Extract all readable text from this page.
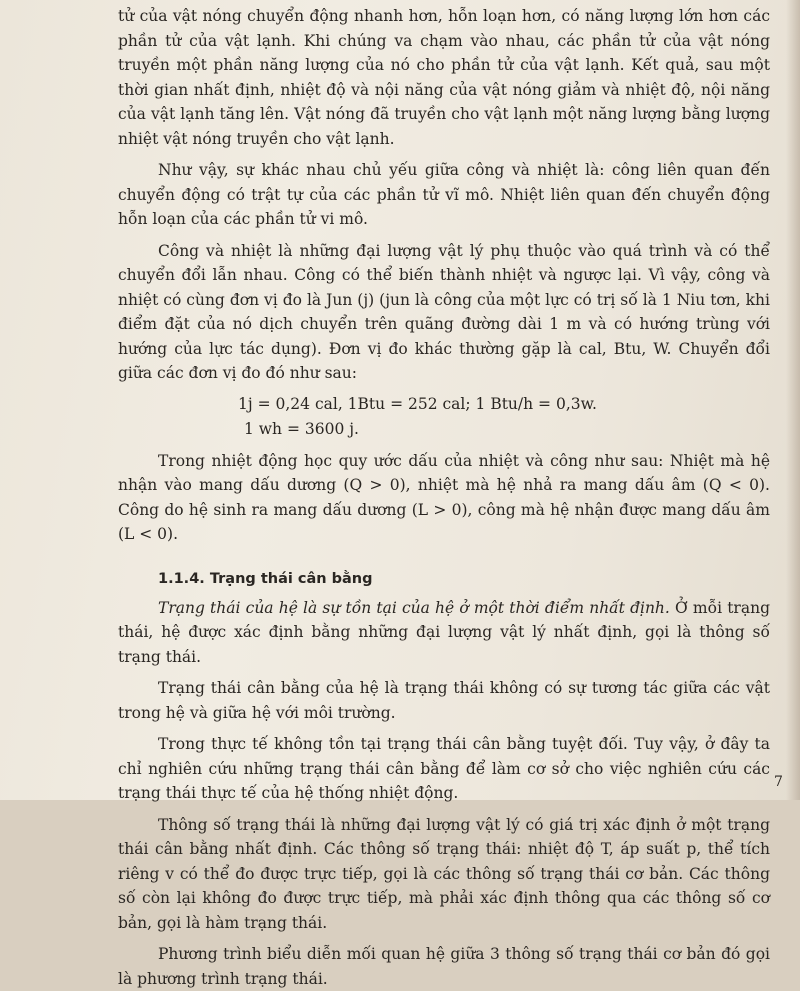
tử của vật nóng chuyển động nhanh hơn, hỗn loạn hơn, có năng lượng lớn hơn các phần tử của vật lạnh. Khi chúng va chạm vào nhau, các phần tử của vật nóng truyền một phần năng lượng của nó cho phần tử của vật lạnh. Kết quả, sau một thời gian nhất định, nhiệt độ và nội năng của vật nóng giảm và nhiệt độ, nội năng của vật lạnh tăng lên. Vật nóng đã truyền cho vật lạnh một năng lượng bằng lượng nhiệt vật nóng truyền cho vật lạnh.

Như vậy, sự khác nhau chủ yếu giữa công và nhiệt là: công liên quan đến chuyển động có trật tự của các phần tử vĩ mô. Nhiệt liên quan đến chuyển động hỗn loạn của các phần tử vi mô.

Công và nhiệt là những đại lượng vật lý phụ thuộc vào quá trình và có thể chuyển đổi lẫn nhau. Công có thể biến thành nhiệt và ngược lại. Vì vậy, công và nhiệt có cùng đơn vị đo là Jun (j) (jun là công của một lực có trị số là 1 Niu tơn, khi điểm đặt của nó dịch chuyển trên quãng đường dài 1 m và có hướng trùng với hướng của lực tác dụng). Đơn vị đo khác thường gặp là cal, Btu, W. Chuyển đổi giữa các đơn vị đo đó như sau:

1j = 0,24 cal, 1Btu = 252 cal; 1 Btu/h = 0,3w.
1 wh = 3600 j.

Trong nhiệt động học quy ước dấu của nhiệt và công như sau: Nhiệt mà hệ nhận vào mang dấu dương (Q > 0), nhiệt mà hệ nhả ra mang dấu âm (Q < 0). Công do hệ sinh ra mang dấu dương (L > 0), công mà hệ nhận được mang dấu âm (L < 0).

1.1.4. Trạng thái cân bằng

Trạng thái của hệ là sự tồn tại của hệ ở một thời điểm nhất định. Ở mỗi trạng thái, hệ được xác định bằng những đại lượng vật lý nhất định, gọi là thông số trạng thái.

Trạng thái cân bằng của hệ là trạng thái không có sự tương tác giữa các vật trong hệ và giữa hệ với môi trường.

Trong thực tế không tồn tại trạng thái cân bằng tuyệt đối. Tuy vậy, ở đây ta chỉ nghiên cứu những trạng thái cân bằng để làm cơ sở cho việc nghiên cứu các trạng thái thực tế của hệ thống nhiệt động.

Thông số trạng thái là những đại lượng vật lý có giá trị xác định ở một trạng thái cân bằng nhất định. Các thông số trạng thái: nhiệt độ T, áp suất p, thể tích riêng v có thể đo được trực tiếp, gọi là các thông số trạng thái cơ bản. Các thông số còn lại không đo được trực tiếp, mà phải xác định thông qua các thông số cơ bản, gọi là hàm trạng thái.

Phương trình biểu diễn mối quan hệ giữa 3 thông số trạng thái cơ bản đó gọi là phương trình trạng thái.

7
